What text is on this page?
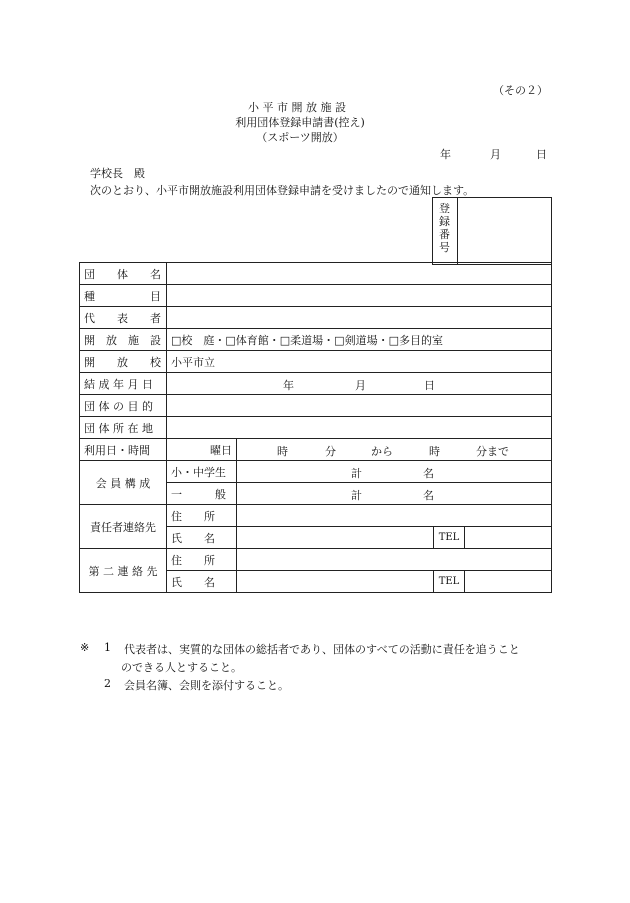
（その２）
小 平 市 開 放 施 設
利用団体登録申請書(控え)
（スポーツ開放）
年	月	日
学校長　殿
次のとおり、小平市開放施設利用団体登録申請を受けましたので通知します。
登録番号
団　　体　　名				
種　　　　　目				
代　　表　　者				
開　放　施　設	□校　庭・□体育館・□柔道場・□剣道場・□多目的室			
開　　放　　校	小平市立			
結 成 年 月 日	年 月 日			

団 体 の 目 的				
団 体 所 在 地				
利用日・時間	曜日	時 分 から 時 分まで		

会 員 構 成	小・中学生	計 名		

	一　　　般	計 名		

責任者連絡先	住　　所			
	氏　　名		TEL	
第 二 連 絡 先	住　　所			
	氏　　名		TEL	
※ 1 代表者は、実質的な団体の総括者であり、団体のすべての活動に責任を追うこと
のできる人とすること。
2 会員名簿、会則を添付すること。
